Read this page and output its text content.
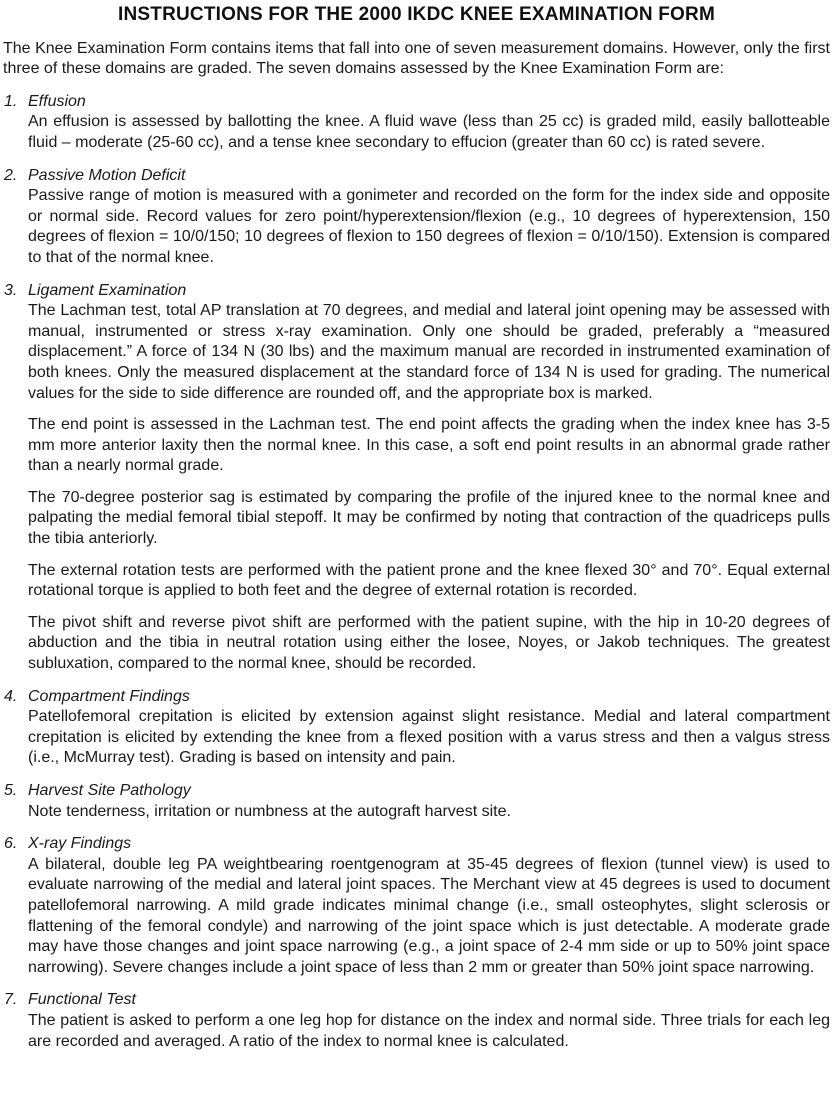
INSTRUCTIONS FOR THE 2000 IKDC KNEE EXAMINATION FORM

The Knee Examination Form contains items that fall into one of seven measurement domains. However, only the first three of these domains are graded. The seven domains assessed by the Knee Examination Form are:

1. Effusion

An effusion is assessed by ballotting the knee. A fluid wave (less than 25 cc) is graded mild, easily ballotteable fluid – moderate (25-60 cc), and a tense knee secondary to effucion (greater than 60 cc) is rated severe.

2. Passive Motion Deficit

Passive range of motion is measured with a gonimeter and recorded on the form for the index side and opposite or normal side. Record values for zero point/hyperextension/flexion (e.g., 10 degrees of hyperextension, 150 degrees of flexion = 10/0/150; 10 degrees of flexion to 150 degrees of flexion = 0/10/150). Extension is compared to that of the normal knee.

3. Ligament Examination

The Lachman test, total AP translation at 70 degrees, and medial and lateral joint opening may be assessed with manual, instrumented or stress x-ray examination. Only one should be graded, preferably a “measured displacement.” A force of 134 N (30 lbs) and the maximum manual are recorded in instrumented examination of both knees. Only the measured displacement at the standard force of 134 N is used for grading. The numerical values for the side to side difference are rounded off, and the appropriate box is marked.

The end point is assessed in the Lachman test. The end point affects the grading when the index knee has 3-5 mm more anterior laxity then the normal knee. In this case, a soft end point results in an abnormal grade rather than a nearly normal grade.

The 70-degree posterior sag is estimated by comparing the profile of the injured knee to the normal knee and palpating the medial femoral tibial stepoff. It may be confirmed by noting that contraction of the quadriceps pulls the tibia anteriorly.

The external rotation tests are performed with the patient prone and the knee flexed 30° and 70°. Equal external rotational torque is applied to both feet and the degree of external rotation is recorded.

The pivot shift and reverse pivot shift are performed with the patient supine, with the hip in 10-20 degrees of abduction and the tibia in neutral rotation using either the losee, Noyes, or Jakob techniques. The greatest subluxation, compared to the normal knee, should be recorded.

4. Compartment Findings

Patellofemoral crepitation is elicited by extension against slight resistance. Medial and lateral compartment crepitation is elicited by extending the knee from a flexed position with a varus stress and then a valgus stress (i.e., McMurray test). Grading is based on intensity and pain.

5. Harvest Site Pathology

Note tenderness, irritation or numbness at the autograft harvest site.

6. X-ray Findings

A bilateral, double leg PA weightbearing roentgenogram at 35-45 degrees of flexion (tunnel view) is used to evaluate narrowing of the medial and lateral joint spaces. The Merchant view at 45 degrees is used to document patellofemoral narrowing. A mild grade indicates minimal change (i.e., small osteophytes, slight sclerosis or flattening of the femoral condyle) and narrowing of the joint space which is just detectable. A moderate grade may have those changes and joint space narrowing (e.g., a joint space of 2-4 mm side or up to 50% joint space narrowing). Severe changes include a joint space of less than 2 mm or greater than 50% joint space narrowing.

7. Functional Test

The patient is asked to perform a one leg hop for distance on the index and normal side. Three trials for each leg are recorded and averaged. A ratio of the index to normal knee is calculated.
